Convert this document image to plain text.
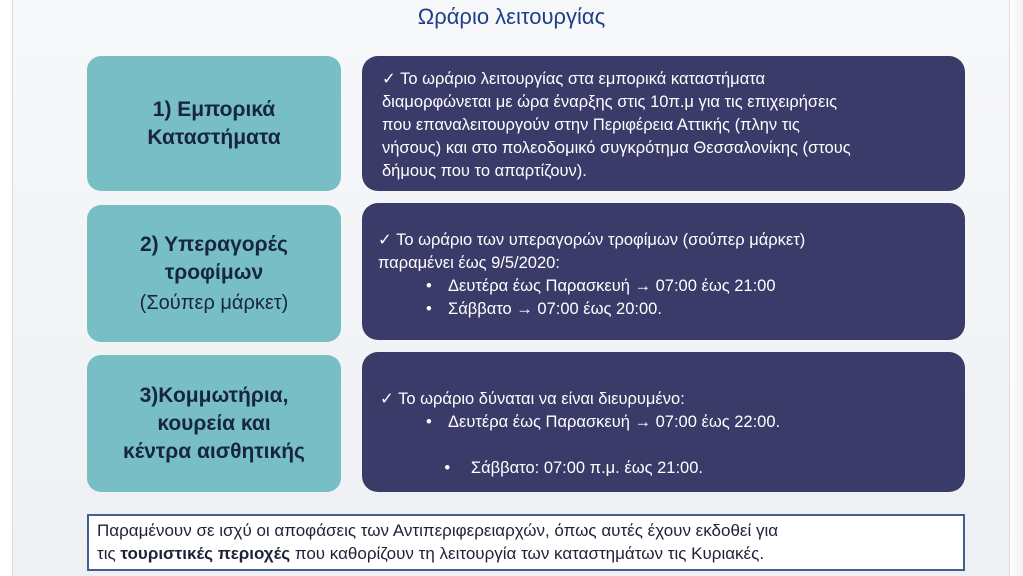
Ωράριο λειτουργίας
1) Εμπορικά
Καταστήματα

✓ Το ωράριο λειτουργίας στα εμπορικά καταστήματα

διαμορφώνεται με ώρα έναρξης στις 10π.μ για τις επιχειρήσεις

που επαναλειτουργούν στην Περιφέρεια Αττικής (πλην τις

νήσους) και στο πολεοδομικό συγκρότημα Θεσσαλονίκης (στους

δήμους που το απαρτίζουν).

2) Υπεραγορές
τροφίμων
(Σούπερ μάρκετ)

✓ Το ωράριο των υπεραγορών τροφίμων (σούπερ μάρκετ)

παραμένει έως 9/5/2020:

• Δευτέρα έως Παρασκευή → 07:00 έως 21:00

• Σάββατο → 07:00 έως 20:00.

3)Κομμωτήρια,
κουρεία και
κέντρα αισθητικής

✓ Το ωράριο δύναται να είναι διευρυμένο:

• Δευτέρα έως Παρασκευή → 07:00 έως 22:00.

• Σάββατο: 07:00 π.μ. έως 21:00.

Παραμένουν σε ισχύ οι αποφάσεις των Αντιπεριφερειαρχών, όπως αυτές έχουν εκδοθεί για
τις τουριστικές περιοχές που καθορίζουν τη λειτουργία των καταστημάτων τις Κυριακές.
